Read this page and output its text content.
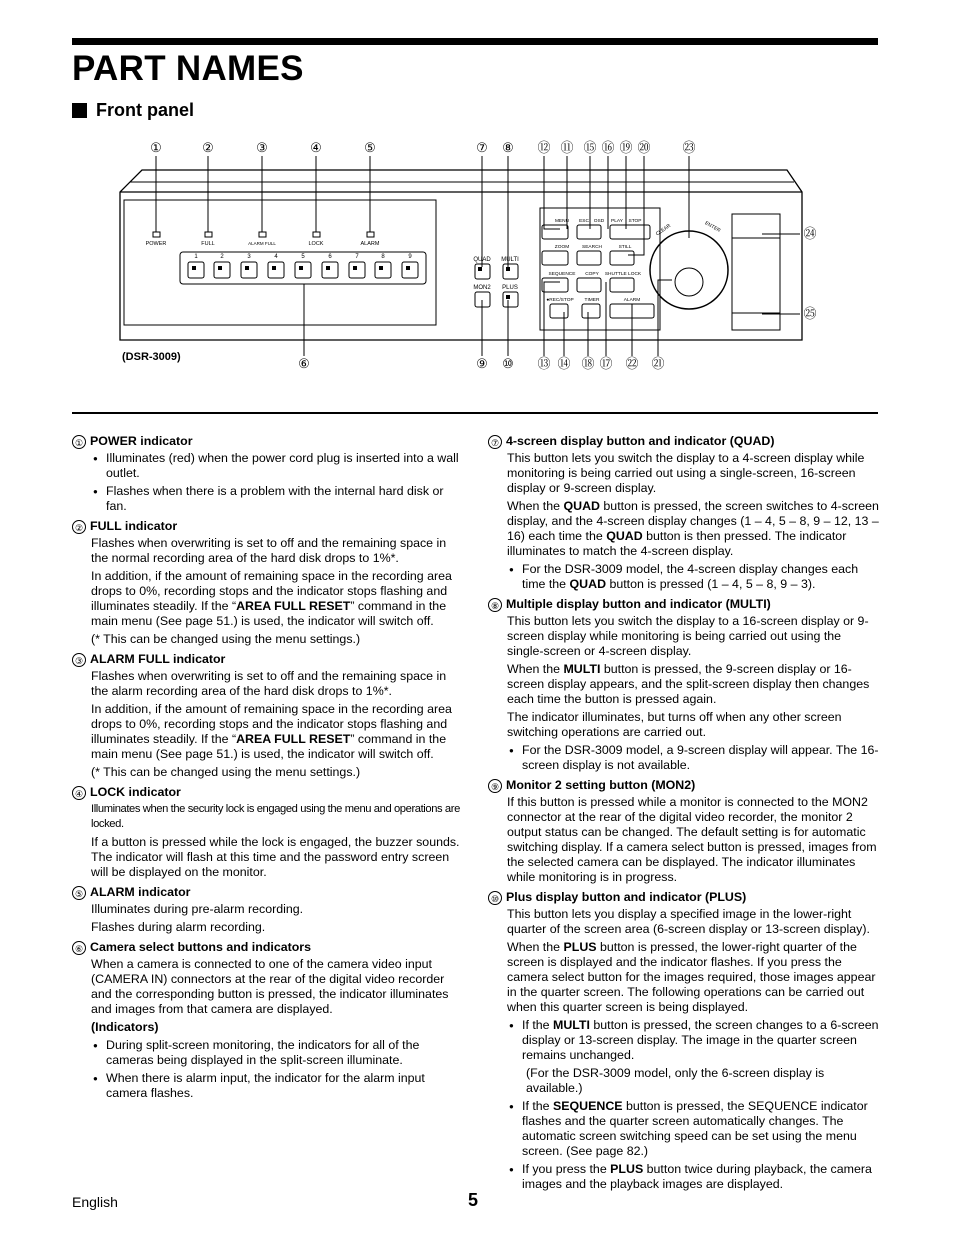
PART NAMES
Front panel
POWER	FULL	ALARM FULL	LOCK	ALARM
1	2	3	4	5	6	7	8	9	QUAD MULTI
MON2 PLUS
MENU ESC OSD PLAY STOP
ZOOM	SEARCH	STILL
SEQUENCE COPY SHUTTLE LOCK
●REC/STOP TIMER	ALARM
CLEAR	ENTER
①	②	③	④	⑤	⑦ ⑧ ⑫ ⑪ ⑮ ⑯ ⑲ ⑳ ㉓
㉔
㉕
⑥	⑨ ⑩ ⑬ ⑭ ⑱ ⑰ ㉒ ㉑
(DSR-3009)
① POWER indicator
● Illuminates (red) when the power cord plug is inserted into a wall outlet.
● Flashes when there is a problem with the internal hard disk or fan.
② FULL indicator
Flashes when overwriting is set to off and the remaining space in the normal recording area of the hard disk drops to 1%*.
In addition, if the amount of remaining space in the recording area drops to 0%, recording stops and the indicator stops flashing and illuminates steadily. If the “AREA FULL RESET” command in the main menu (See page 51.) is used, the indicator will switch off.
(* This can be changed using the menu settings.)
③ ALARM FULL indicator
Flashes when overwriting is set to off and the remaining space in the alarm recording area of the hard disk drops to 1%*.
In addition, if the amount of remaining space in the recording area drops to 0%, recording stops and the indicator stops flashing and illuminates steadily. If the “AREA FULL RESET” command in the main menu (See page 51.) is used, the indicator will switch off.
(* This can be changed using the menu settings.)
④ LOCK indicator
Illuminates when the security lock is engaged using the menu and operations are locked.
If a button is pressed while the lock is engaged, the buzzer sounds. The indicator will flash at this time and the password entry screen will be displayed on the monitor.
⑤ ALARM indicator
Illuminates during pre-alarm recording.
Flashes during alarm recording.
⑥ Camera select buttons and indicators
When a camera is connected to one of the camera video input (CAMERA IN) connectors at the rear of the digital video recorder and the corresponding button is pressed, the indicator illuminates and images from that camera are displayed.
(Indicators)
● During split-screen monitoring, the indicators for all of the cameras being displayed in the split-screen illuminate.
● When there is alarm input, the indicator for the alarm input camera flashes.
⑦ 4-screen display button and indicator (QUAD)
This button lets you switch the display to a 4-screen display while monitoring is being carried out using a single-screen, 16-screen display or 9-screen display.
When the QUAD button is pressed, the screen switches to 4-screen display, and the 4-screen display changes (1 – 4, 5 – 8, 9 – 12, 13 – 16) each time the QUAD button is then pressed. The indicator illuminates to match the 4-screen display.
● For the DSR-3009 model, the 4-screen display changes each time the QUAD button is pressed (1 – 4, 5 – 8, 9 – 3).
⑧ Multiple display button and indicator (MULTI)
This button lets you switch the display to a 16-screen display or 9-screen display while monitoring is being carried out using the single-screen or 4-screen display.
When the MULTI button is pressed, the 9-screen display or 16-screen display appears, and the split-screen display then changes each time the button is pressed again.
The indicator illuminates, but turns off when any other screen switching operations are carried out.
● For the DSR-3009 model, a 9-screen display will appear. The 16-screen display is not available.
⑨ Monitor 2 setting button (MON2)
If this button is pressed while a monitor is connected to the MON2 connector at the rear of the digital video recorder, the monitor 2 output status can be changed. The default setting is for automatic switching display. If a camera select button is pressed, images from the selected camera can be displayed. The indicator illuminates while monitoring is in progress.
⑩ Plus display button and indicator (PLUS)
This button lets you display a specified image in the lower-right quarter of the screen area (6-screen display or 13-screen display).
When the PLUS button is pressed, the lower-right quarter of the screen is displayed and the indicator flashes. If you press the camera select button for the images required, those images appear in the quarter screen. The following operations can be carried out when this quarter screen is being displayed.
● If the MULTI button is pressed, the screen changes to a 6-screen display or 13-screen display. The image in the quarter screen remains unchanged.
(For the DSR-3009 model, only the 6-screen display is available.)
● If the SEQUENCE button is pressed, the SEQUENCE indicator flashes and the quarter screen automatically changes. The automatic screen switching speed can be set using the menu screen. (See page 82.)
● If you press the PLUS button twice during playback, the camera images and the playback images are displayed.
English	5
